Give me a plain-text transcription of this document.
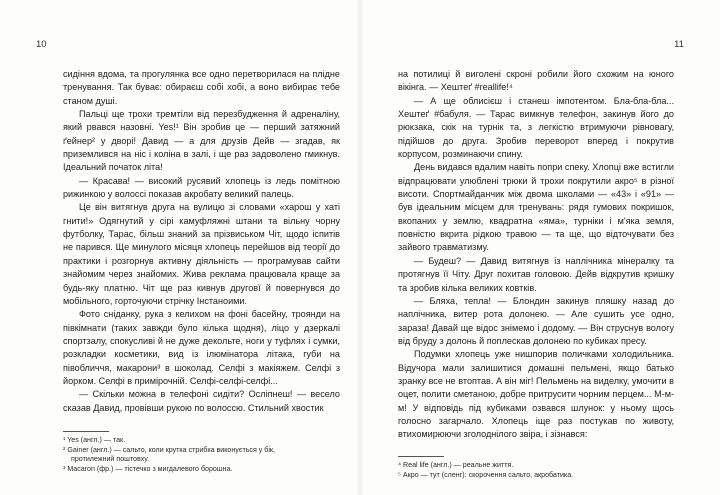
10

сидіння вдома, та прогулянка все одно перетворилася на плідне тренування. Так буває: обираєш собі хобі, а воно вибирає тебе станом душі.

Пальці ще трохи тремтіли від перезбудження й адреналіну, який рвався назовні. Yes!¹ Він зробив це — перший затяжний ґейнер² у дворі! Давид — а для друзів Дейв — згадав, як приземлився на ніс і коліна в залі, і ще раз задоволено гмикнув. Ідеальний початок літа!

— Красава! — високий русявий хлопець із ледь помітною рижинкою у волоссі показав акробату великий палець.

Це він витягнув друга на вулицю зі словами «харош у хаті гнити!» Одягнутий у сірі камуфляжні штани та вільну чорну футболку, Тарас, більш знаний за прізвиськом Чіт, щодо іспитів не парився. Ще минулого місяця хлопець перейшов від теорії до практики і розгорнув активну діяльність — програмував сайти знайомим через знайомих. Жива реклама працювала краще за будь-яку платню. Чіт ще раз кивнув друговї й повернувся до мобільного, горточуючи стрічку Інстаноими.

Фото сніданку, рука з келихом на фоні басейну, троянди на півкімнати (таких завжди було кілька щодня), ліцо у дзеркалі спортзалу, спокусливі й не дуже декольте, ноги у туфлях і сумки, розкладки косметики, вид із ілюмінатора літака, губи на півобличчя, макарони³ в шоколад. Селфі з макіяжем. Селфі з йорком. Селфі в примірочній. Селфі-селфі-селфі...

— Скільки можна в телефоні сидіти? Осліпнеш! — весело сказав Давид, провівши рукою по волоссю. Стильний хвостик

¹ Yes (англ.) — так.

² Gainer (англ.) — сальто, коли крутка стрибка виконується у бік,

протилежний поштовху.

³ Macaron (фр.) — тістечко з мигдалевого борошна.

11

на потилиці й виголені скроні робили його схожим на юного вікінга. — Хештеґ #reallife!⁴

— А ще облисієш і станеш імпотентом. Бла-бла-бла... Хештеґ #бабуля. — Тарас вимкнув телефон, закинув його до рюкзака, скік на турнік та, з легкістю втримуючи рівновагу, підійшов до друга. Зробив переворот вперед і покрутив корпусом, розминаючи спину.

День видався вдалим навіть попри спеку. Хлопці вже встигли відпрацювати улюблені трюки й трохи покрутили акро⁵ в різної висоти. Спортмайданчик між двома школами — «43» і «91» — був ідеальним місцем для тренувань: рядя гумових покришок, вкопаних у землю, квадратна «яма», турніки і м'яка земля, повністю вкрита рідкою травою — та ще, що відточувати без зайвого травматизму.

— Будеш? — Давид витягнув із наплічника мінералку та протягнув її Чіту. Друг похитав головою. Дейв відкрутив кришку та зробив кілька великих ковтків.

— Бляха, тепла! — Блондин закинув пляшку назад до наплічника, витер рота долонею. — Але сушить усе одно, зараза! Давай ще відос знімемо і додому. — Він струснув вологу від бруду з долонь й поплескав долонею по кубиках пресу.

Подумки хлопець уже нишпорив поличками холодильника. Відучора мали залишитися домашні пельмені, якщо батько зранку все не втоптав. А він міг! Пельмень на виделку, умочити в оцет, полити сметаною, добре притрусити чорним перцем... М-м-м! У відповідь під кубиками озвався шлунок: у ньому щось голосно загарчало. Хлопець іще раз постукав по животу, втихомирюючи зголоднілого звіра, і зізнався:

⁴ Real life (англ.) — реальне життя.

⁵ Акро — тут (сленг): скорочення сальто, акробатика.
